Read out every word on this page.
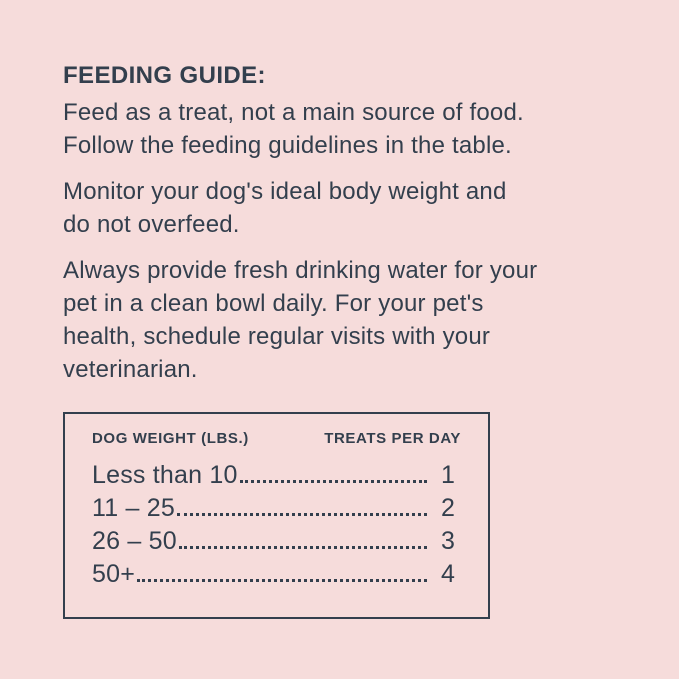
FEEDING GUIDE:

Feed as a treat, not a main source of food.
Follow the feeding guidelines in the table.

Monitor your dog's ideal body weight and
do not overfeed.

Always provide fresh drinking water for your
pet in a clean bowl daily. For your pet's
health, schedule regular visits with your
veterinarian.

DOG WEIGHT (LBS.)	TREATS PER DAY
Less than 10	1
11 – 25	2
26 – 50	3
50+	4
